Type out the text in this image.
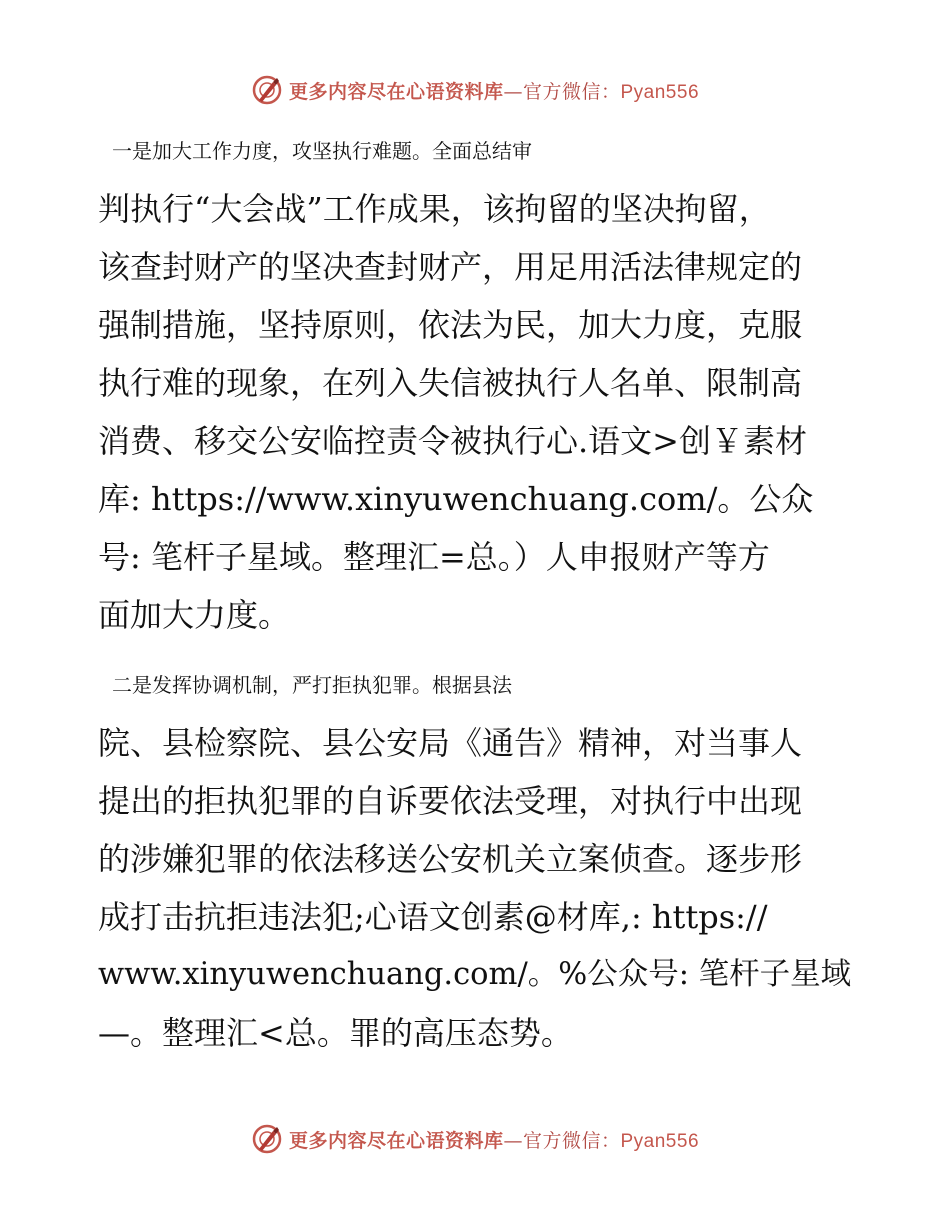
更多内容尽在心语资料库—官方微信：Pyan556
一是加大工作力度，攻坚执行难题。全面总结审
判执行“大会战”工作成果，该拘留的坚决拘留，
该查封财产的坚决查封财产，用足用活法律规定的
强制措施，坚持原则，依法为民，加大力度，克服
执行难的现象，在列入失信被执行人名单、限制高
消费、移交公安临控责令被执行心.语文>创￥素材
库: https://www.xinyuwenchuang.com/。公众
号: 笔杆子星域。整理汇=总。）人申报财产等方
面加大力度。
二是发挥协调机制，严打拒执犯罪。根据县法
院、县检察院、县公安局《通告》精神，对当事人
提出的拒执犯罪的自诉要依法受理，对执行中出现
的涉嫌犯罪的依法移送公安机关立案侦查。逐步形
成打击抗拒违法犯;心语文创素@材库,: https://
www.xinyuwenchuang.com/。%公众号: 笔杆子星域
—。整理汇<总。罪的高压态势。
更多内容尽在心语资料库—官方微信：Pyan556
